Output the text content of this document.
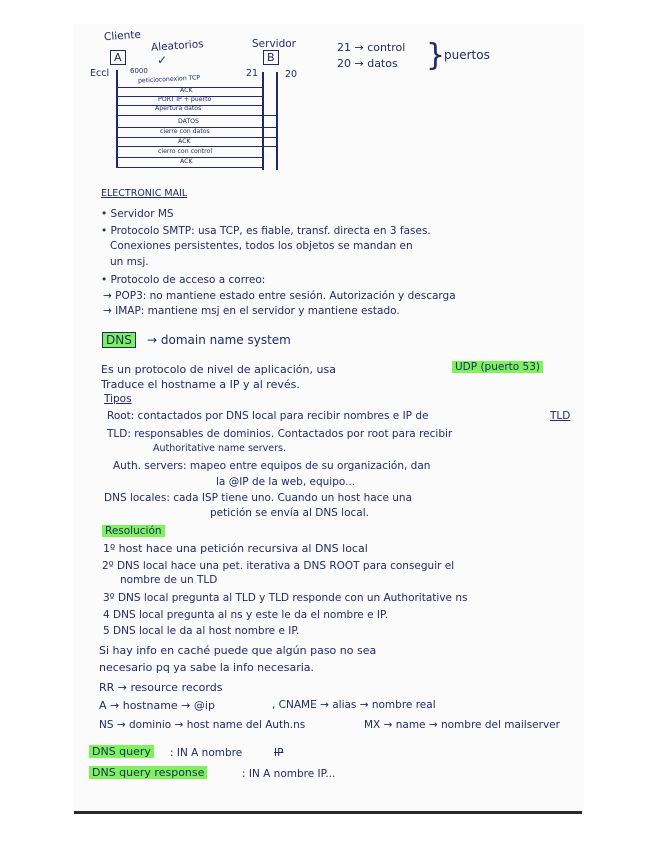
Cliente
A
Aleatorios
✓
Eccl	6000
Servidor
B
21	20
peticioconexion TCP
ACK
PORT IP + puerto
Apertura datos
DATOS
cierre con datos
ACK
cierro con control
ACK
21 → control
20 → datos }
puertos
ELECTRONIC MAIL
• Servidor MS
• Protocolo SMTP: usa TCP, es fiable, transf. directa en 3 fases.
Conexiones persistentes, todos los objetos se mandan en
un msj.
• Protocolo de acceso a correo:
→ POP3: no mantiene estado entre sesión. Autorización y descarga
→ IMAP: mantiene msj en el servidor y mantiene estado.
DNS	→ domain name system
Es un protocolo de nivel de aplicación, usa	UDP (puerto 53)
Traduce el hostname a IP y al revés.
Tipos
Root: contactados por DNS local para recibir nombres e IP de	TLD
TLD: responsables de dominios. Contactados por root para recibir
Authoritative name servers.
Auth. servers: mapeo entre equipos de su organización, dan
la @IP de la web, equipo...
DNS locales: cada ISP tiene uno. Cuando un host hace una
petición se envía al DNS local.
Resolución
1º host hace una petición recursiva al DNS local
2º DNS local hace una pet. iterativa a DNS ROOT para conseguir el
nombre de un TLD
3º DNS local pregunta al TLD y TLD responde con un Authoritative ns
4 DNS local pregunta al ns y este le da el nombre e IP.
5 DNS local le da al host nombre e IP.
Si hay info en caché puede que algún paso no sea
necesario pq ya sabe la info necesaria.
RR → resource records
A → hostname → @ip	, CNAME → alias → nombre real
NS → dominio → host name del Auth.ns	MX → name → nombre del mailserver
DNS query : IN A nombre	IP
DNS query response	: IN A nombre IP...
